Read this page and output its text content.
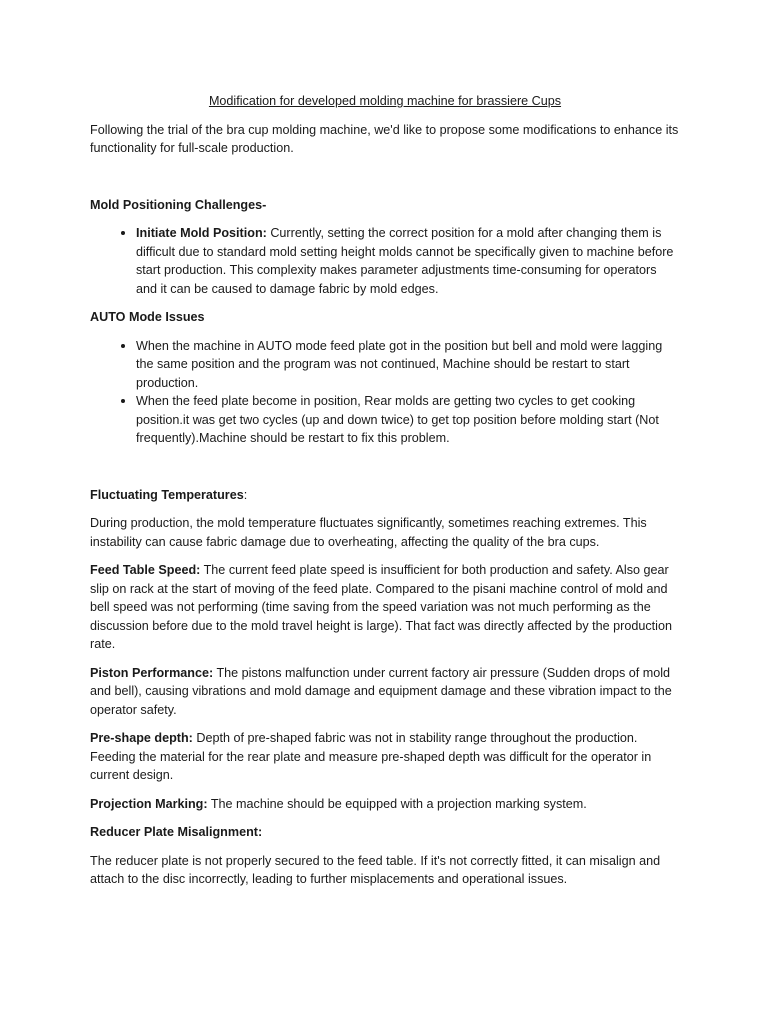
Modification for developed molding machine for brassiere Cups

Following the trial of the bra cup molding machine, we'd like to propose some modifications to enhance its functionality for full-scale production.

Mold Positioning Challenges-
• Initiate Mold Position: Currently, setting the correct position for a mold after changing them is difficult due to standard mold setting height molds cannot be specifically given to machine before start production. This complexity makes parameter adjustments time-consuming for operators and it can be caused to damage fabric by mold edges.
AUTO Mode Issues
• When the machine in AUTO mode feed plate got in the position but bell and mold were lagging the same position and the program was not continued, Machine should be restart to start production.
• When the feed plate become in position, Rear molds are getting two cycles to get cooking position.it was get two cycles (up and down twice) to get top position before molding start (Not frequently).Machine should be restart to fix this problem.

Fluctuating Temperatures:

During production, the mold temperature fluctuates significantly, sometimes reaching extremes. This instability can cause fabric damage due to overheating, affecting the quality of the bra cups.

Feed Table Speed: The current feed plate speed is insufficient for both production and safety. Also gear slip on rack at the start of moving of the feed plate. Compared to the pisani machine control of mold and bell speed was not performing (time saving from the speed variation was not much performing as the discussion before due to the mold travel height is large). That fact was directly affected by the production rate.

Piston Performance: The pistons malfunction under current factory air pressure (Sudden drops of mold and bell), causing vibrations and mold damage and equipment damage and these vibration impact to the operator safety.

Pre-shape depth: Depth of pre-shaped fabric was not in stability range throughout the production. Feeding the material for the rear plate and measure pre-shaped depth was difficult for the operator in current design.

Projection Marking: The machine should be equipped with a projection marking system.

Reducer Plate Misalignment:

The reducer plate is not properly secured to the feed table. If it's not correctly fitted, it can misalign and attach to the disc incorrectly, leading to further misplacements and operational issues.
